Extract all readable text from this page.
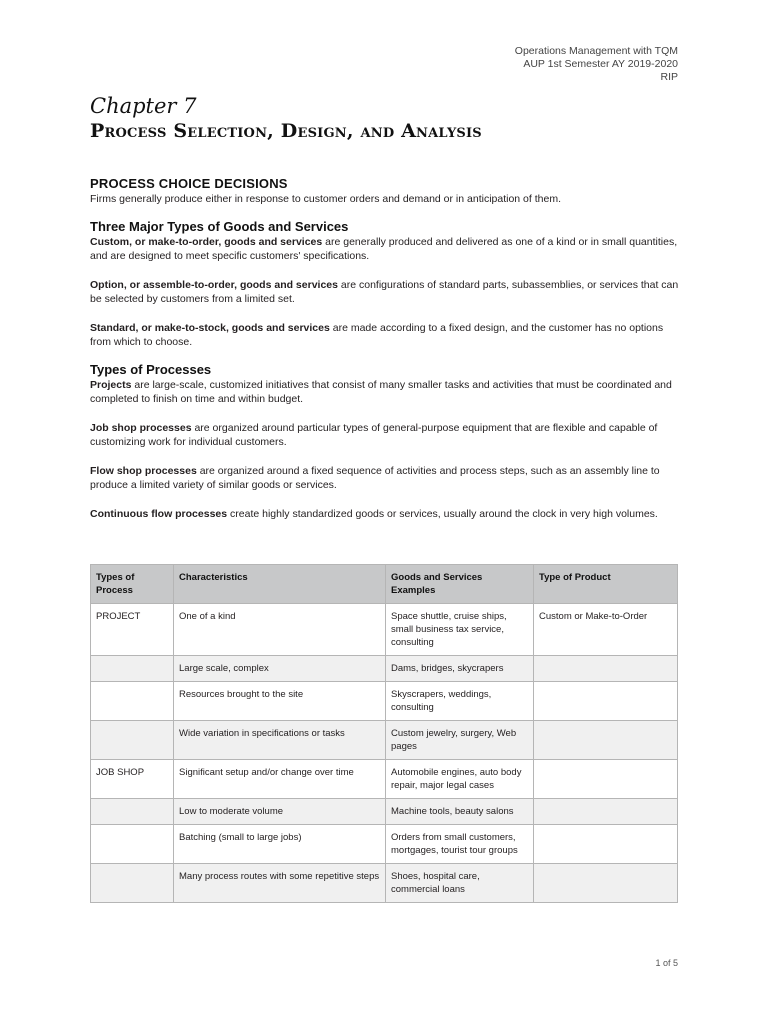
Operations Management with TQM
AUP 1st Semester AY 2019-2020
RIP
Chapter 7
Process Selection, Design, and Analysis
PROCESS CHOICE DECISIONS

Firms generally produce either in response to customer orders and demand or in anticipation of them.

Three Major Types of Goods and Services

Custom, or make-to-order, goods and services are generally produced and delivered as one of a kind or in small quantities, and are designed to meet specific customers' specifications.

Option, or assemble-to-order, goods and services are configurations of standard parts, subassemblies, or services that can be selected by customers from a limited set.

Standard, or make-to-stock, goods and services are made according to a fixed design, and the customer has no options from which to choose.

Types of Processes

Projects are large-scale, customized initiatives that consist of many smaller tasks and activities that must be coordinated and completed to finish on time and within budget.

Job shop processes are organized around particular types of general-purpose equipment that are flexible and capable of customizing work for individual customers.

Flow shop processes are organized around a fixed sequence of activities and process steps, such as an assembly line to produce a limited variety of similar goods or services.

Continuous flow processes create highly standardized goods or services, usually around the clock in very high volumes.

Types of Process	Characteristics	Goods and Services Examples	Type of Product
PROJECT	One of a kind	Space shuttle, cruise ships, small business tax service, consulting	Custom or Make-to-Order
	Large scale, complex	Dams, bridges, skycrapers	
	Resources brought to the site	Skyscrapers, weddings, consulting	
	Wide variation in specifications or tasks	Custom jewelry, surgery, Web pages	
JOB SHOP	Significant setup and/or change over time	Automobile engines, auto body repair, major legal cases	
	Low to moderate volume	Machine tools, beauty salons	
	Batching (small to large jobs)	Orders from small customers, mortgages, tourist tour groups	
	Many process routes with some repetitive steps	Shoes, hospital care, commercial loans	
1 of 5
